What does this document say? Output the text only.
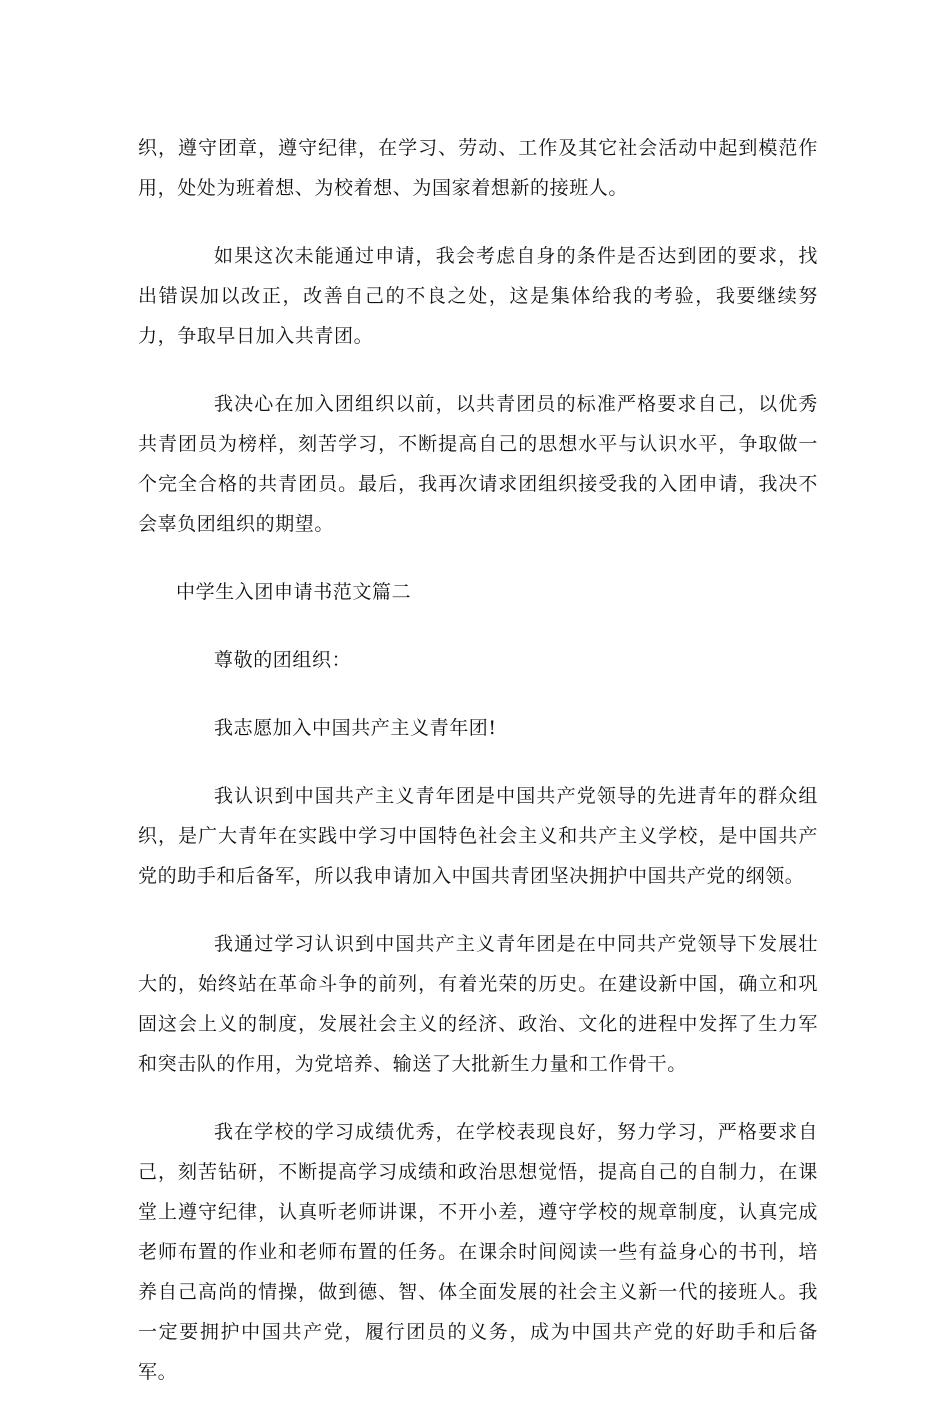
织，遵守团章，遵守纪律，在学习、劳动、工作及其它社会活动中起到模范作用，处处为班着想、为校着想、为国家着想新的接班人。

如果这次未能通过申请，我会考虑自身的条件是否达到团的要求，找出错误加以改正，改善自己的不良之处，这是集体给我的考验，我要继续努力，争取早日加入共青团。

我决心在加入团组织以前，以共青团员的标准严格要求自己，以优秀共青团员为榜样，刻苦学习，不断提高自己的思想水平与认识水平，争取做一个完全合格的共青团员。最后，我再次请求团组织接受我的入团申请，我决不会辜负团组织的期望。

中学生入团申请书范文篇二

尊敬的团组织：

我志愿加入中国共产主义青年团!

我认识到中国共产主义青年团是中国共产党领导的先进青年的群众组织，是广大青年在实践中学习中国特色社会主义和共产主义学校，是中国共产党的助手和后备军，所以我申请加入中国共青团坚决拥护中国共产党的纲领。

我通过学习认识到中国共产主义青年团是在中同共产党领导下发展壮大的，始终站在革命斗争的前列，有着光荣的历史。在建设新中国，确立和巩固这会上义的制度，发展社会主义的经济、政治、文化的进程中发挥了生力军和突击队的作用，为党培养、输送了大批新生力量和工作骨干。

我在学校的学习成绩优秀，在学校表现良好，努力学习，严格要求自己，刻苦钻研，不断提高学习成绩和政治思想觉悟，提高自己的自制力，在课堂上遵守纪律，认真听老师讲课，不开小差，遵守学校的规章制度，认真完成老师布置的作业和老师布置的任务。在课余时间阅读一些有益身心的书刊，培养自己高尚的情操，做到德、智、体全面发展的社会主义新一代的接班人。我一定要拥护中国共产党，履行团员的义务，成为中国共产党的好助手和后备军。
